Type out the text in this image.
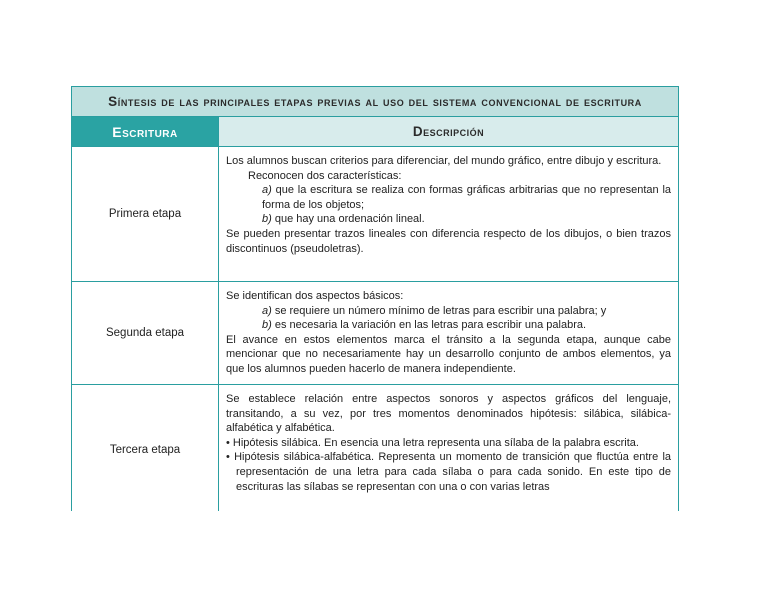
Síntesis de las principales etapas previas al uso del sistema convencional de escritura	
Escritura	Descripción
Primera etapa	Los alumnos buscan criterios para diferenciar, del mundo gráfico, entre dibujo y escritura.

Reconocen dos características:

a) que la escritura se realiza con formas gráficas arbitrarias que no representan la forma de los objetos;

b) que hay una ordenación lineal.

Se pueden presentar trazos lineales con diferencia respecto de los dibujos, o bien trazos discontinuos (pseudoletras).

Segunda etapa	Se identifican dos aspectos básicos:

a) se requiere un número mínimo de letras para escribir una palabra; y

b) es necesaria la variación en las letras para escribir una palabra.

El avance en estos elementos marca el tránsito a la segunda etapa, aunque cabe mencionar que no necesariamente hay un desarrollo conjunto de ambos elementos, ya que los alumnos pueden hacerlo de manera independiente.

Tercera etapa	Se establece relación entre aspectos sonoros y aspectos gráficos del lenguaje, transitando, a su vez, por tres momentos denominados hipótesis: silábica, silábica-alfabética y alfabética.

• Hipótesis silábica. En esencia una letra representa una sílaba de la palabra escrita.

• Hipótesis silábica-alfabética. Representa un momento de transición que fluctúa entre la representación de una letra para cada sílaba o para cada sonido. En este tipo de escrituras las sílabas se representan con una o con varias letras
